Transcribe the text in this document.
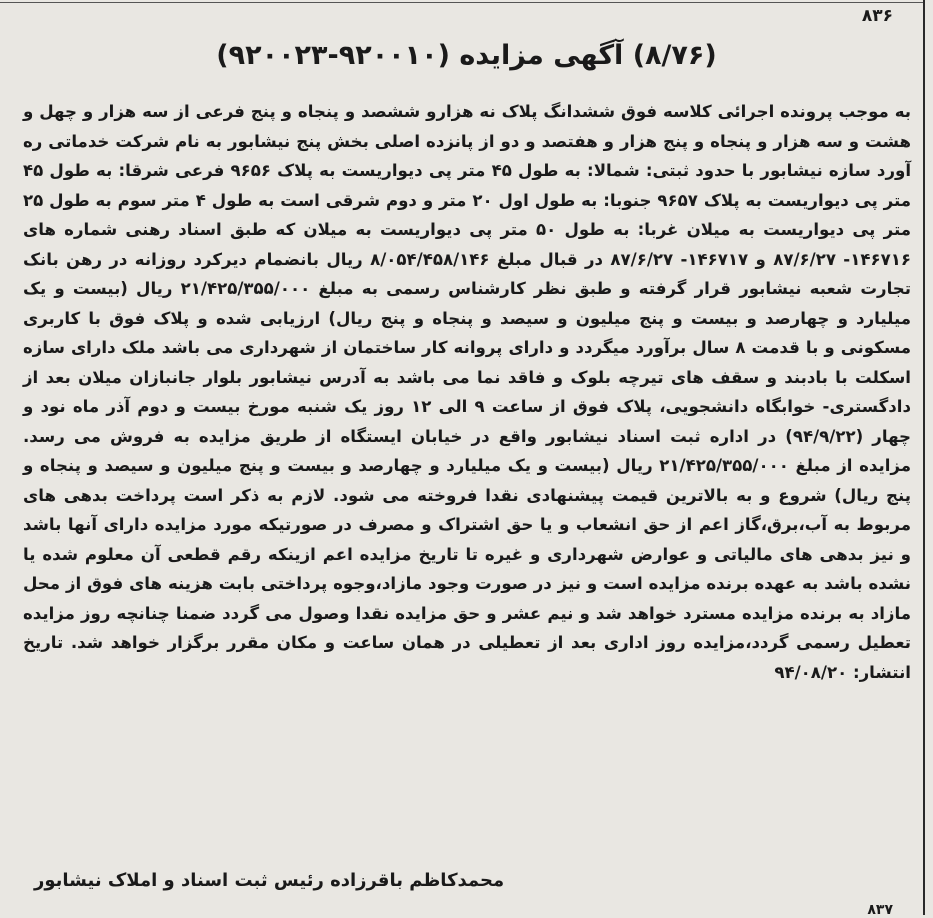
۸۳۶
(۸/۷۶) آگهی مزایده (۹۲۰۰۱۰-۹۲۰۰۲۳)
به موجب پرونده اجرائی کلاسه فوق ششدانگ پلاک نه هزارو ششصد و پنجاه و پنج فرعی از سه هزار و چهل و هشت و سه هزار و پنجاه و پنج هزار و هفتصد و دو از پانزده اصلی بخش پنج نیشابور به نام شرکت خدماتی ره آورد سازه نیشابور با حدود ثبتی: شمالا: به طول ۴۵ متر پی دیواریست به پلاک ۹۶۵۶ فرعی شرقا: به طول ۴۵ متر پی دیواریست به پلاک ۹۶۵۷ جنوبا: به طول اول ۲۰ متر و دوم شرقی است به طول ۴ متر سوم به طول ۲۵ متر پی دیواریست به میلان غربا: به طول ۵۰ متر پی دیواریست به میلان که طبق اسناد رهنی شماره های ۱۴۶۷۱۶- ۸۷/۶/۲۷ و ۱۴۶۷۱۷- ۸۷/۶/۲۷ در قبال مبلغ ۸/۰۵۴/۴۵۸/۱۴۶ ریال بانضمام دیرکرد روزانه در رهن بانک تجارت شعبه نیشابور قرار گرفته و طبق نظر کارشناس رسمی به مبلغ ۲۱/۴۲۵/۳۵۵/۰۰۰ ریال (بیست و یک میلیارد و چهارصد و بیست و پنج میلیون و سیصد و پنجاه و پنج ریال) ارزیابی شده و پلاک فوق با کاربری مسکونی و با قدمت ۸ سال برآورد میگردد و دارای پروانه کار ساختمان از شهرداری می باشد ملک دارای سازه اسکلت با بادبند و سقف های تیرچه بلوک و فاقد نما می باشد به آدرس نیشابور بلوار جانبازان میلان بعد از دادگستری- خوابگاه دانشجویی، پلاک فوق از ساعت ۹ الی ۱۲ روز یک شنبه مورخ بیست و دوم آذر ماه نود و چهار (۹۴/۹/۲۲) در اداره ثبت اسناد نیشابور واقع در خیابان ایستگاه از طریق مزایده به فروش می رسد. مزایده از مبلغ ۲۱/۴۲۵/۳۵۵/۰۰۰ ریال (بیست و یک میلیارد و چهارصد و بیست و پنج میلیون و سیصد و پنجاه و پنج ریال) شروع و به بالاترین قیمت پیشنهادی نقدا فروخته می شود. لازم به ذکر است پرداخت بدهی های مربوط به آب،برق،گاز اعم از حق انشعاب و یا حق اشتراک و مصرف در صورتیکه مورد مزایده دارای آنها باشد و نیز بدهی های مالیاتی و عوارض شهرداری و غیره تا تاریخ مزایده اعم ازینکه رقم قطعی آن معلوم شده یا نشده باشد به عهده برنده مزایده است و نیز در صورت وجود مازاد،وجوه پرداختی بابت هزینه های فوق از محل مازاد به برنده مزایده مسترد خواهد شد و نیم عشر و حق مزایده نقدا وصول می گردد ضمنا چنانچه روز مزایده تعطیل رسمی گردد،مزایده روز اداری بعد از تعطیلی در همان ساعت و مکان مقرر برگزار خواهد شد. تاریخ انتشار: ۹۴/۰۸/۲۰
محمدکاظم باقرزاده رئیس ثبت اسناد و املاک نیشابور
۸۳۷
